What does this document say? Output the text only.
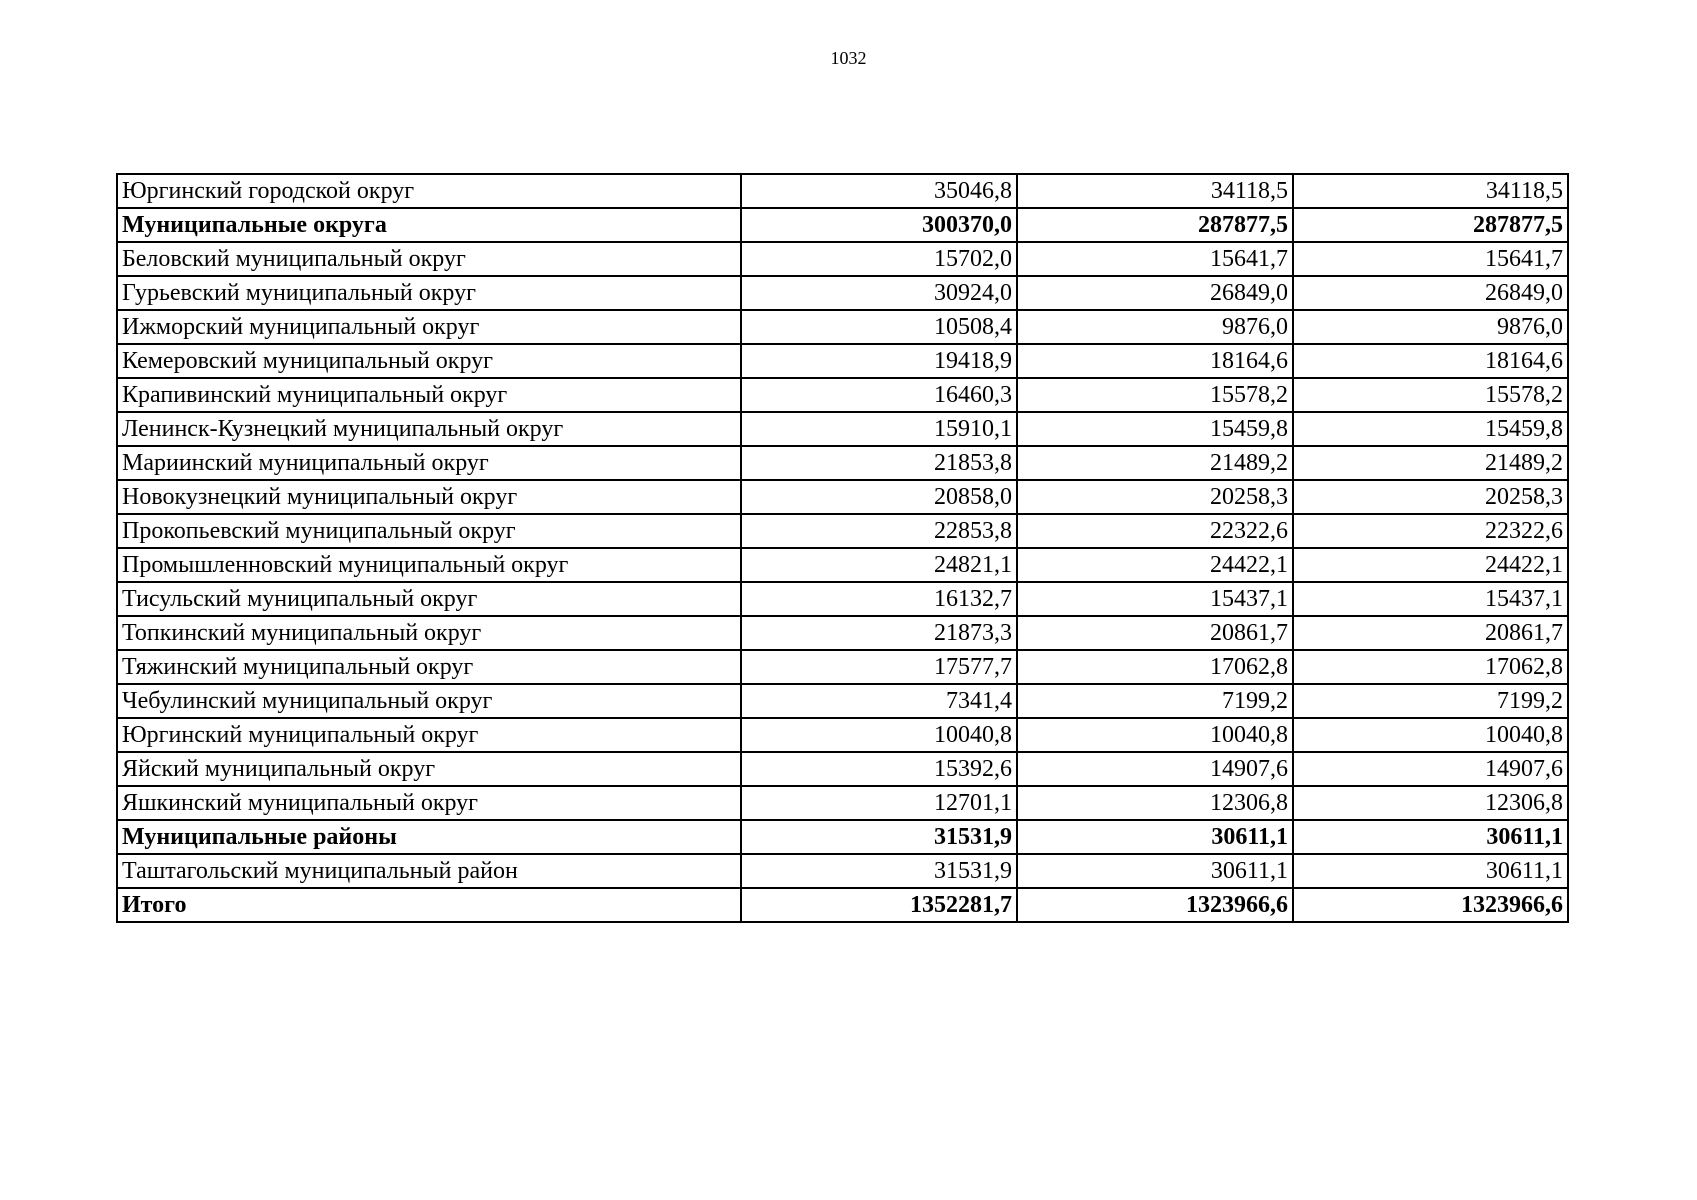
1032
Юргинский городской округ	35046,8	34118,5	34118,5
Муниципальные округа	300370,0	287877,5	287877,5
Беловский муниципальный округ	15702,0	15641,7	15641,7
Гурьевский муниципальный округ	30924,0	26849,0	26849,0
Ижморский муниципальный округ	10508,4	9876,0	9876,0
Кемеровский муниципальный округ	19418,9	18164,6	18164,6
Крапивинский муниципальный округ	16460,3	15578,2	15578,2
Ленинск-Кузнецкий муниципальный округ	15910,1	15459,8	15459,8
Мариинский муниципальный округ	21853,8	21489,2	21489,2
Новокузнецкий муниципальный округ	20858,0	20258,3	20258,3
Прокопьевский муниципальный округ	22853,8	22322,6	22322,6
Промышленновский муниципальный округ	24821,1	24422,1	24422,1
Тисульский муниципальный округ	16132,7	15437,1	15437,1
Топкинский муниципальный округ	21873,3	20861,7	20861,7
Тяжинский муниципальный округ	17577,7	17062,8	17062,8
Чебулинский муниципальный округ	7341,4	7199,2	7199,2
Юргинский муниципальный округ	10040,8	10040,8	10040,8
Яйский муниципальный округ	15392,6	14907,6	14907,6
Яшкинский муниципальный округ	12701,1	12306,8	12306,8
Муниципальные районы	31531,9	30611,1	30611,1
Таштагольский муниципальный район	31531,9	30611,1	30611,1
Итого	1352281,7	1323966,6	1323966,6
